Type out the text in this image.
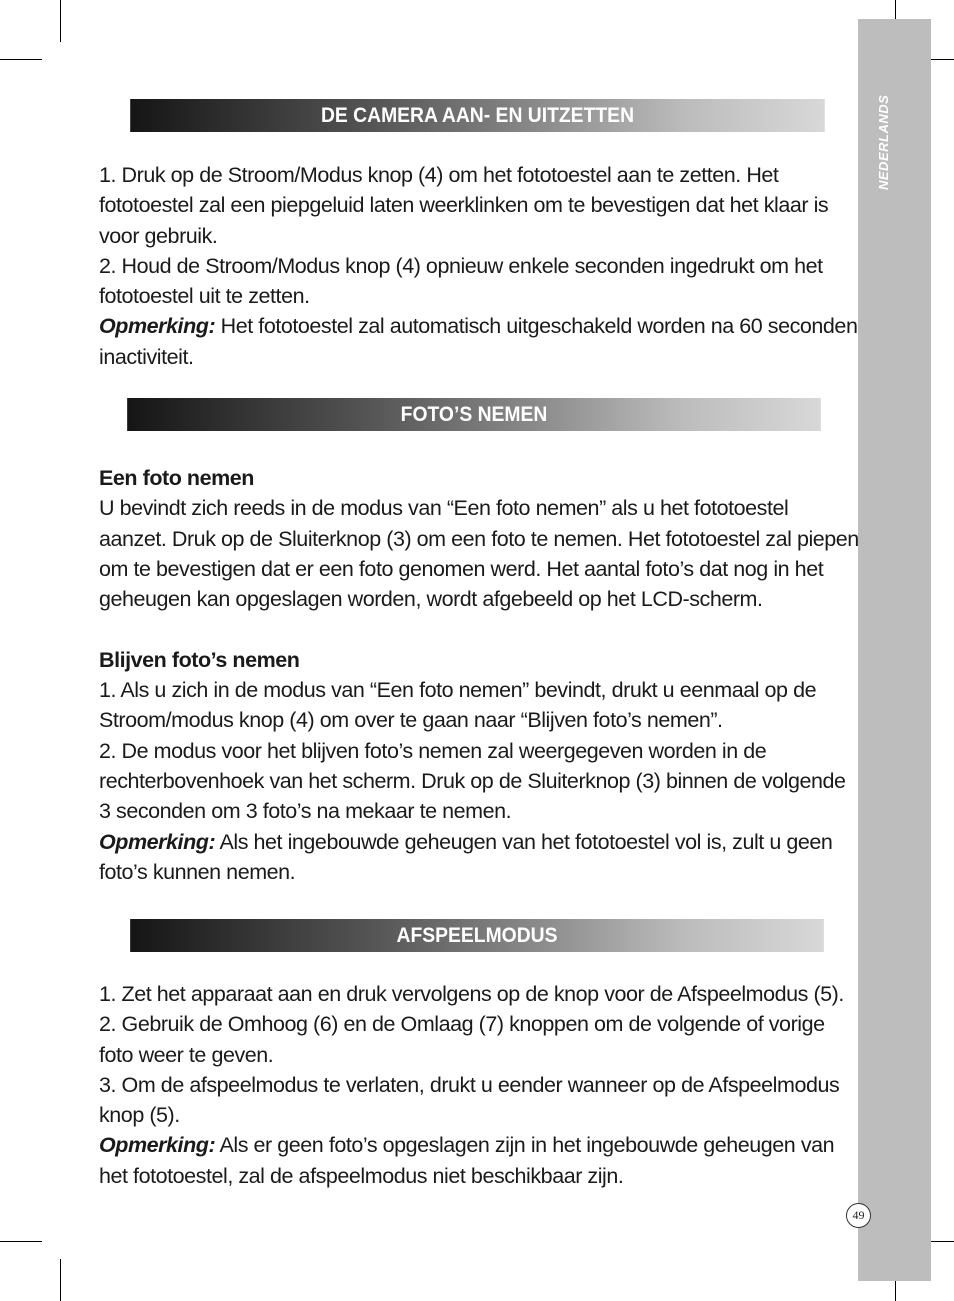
NEDERLANDS
DE CAMERA AAN- EN UITZETTEN

1. Druk op de Stroom/Modus knop (4) om het fototoestel aan te zetten. Het fototoestel zal een piepgeluid laten weerklinken om te bevestigen dat het klaar is voor gebruik.

2. Houd de Stroom/Modus knop (4) opnieuw enkele seconden ingedrukt om het fototoestel uit te zetten.

Opmerking: Het fototoestel zal automatisch uitgeschakeld worden na 60 seconden inactiviteit.

FOTO’S NEMEN

Een foto nemen

U bevindt zich reeds in de modus van “Een foto nemen” als u het fototoestel aanzet. Druk op de Sluiterknop (3) om een foto te nemen. Het fototoestel zal piepen om te bevestigen dat er een foto genomen werd. Het aantal foto’s dat nog in het geheugen kan opgeslagen worden, wordt afgebeeld op het LCD-scherm.

Blijven foto’s nemen

1. Als u zich in de modus van “Een foto nemen” bevindt, drukt u eenmaal op de Stroom/modus knop (4) om over te gaan naar “Blijven foto’s nemen”.

2. De modus voor het blijven foto’s nemen zal weergegeven worden in de rechterbovenhoek van het scherm. Druk op de Sluiterknop (3) binnen de volgende 3 seconden om 3 foto’s na mekaar te nemen.

Opmerking: Als het ingebouwde geheugen van het fototoestel vol is, zult u geen foto’s kunnen nemen.

AFSPEELMODUS

1. Zet het apparaat aan en druk vervolgens op de knop voor de Afspeelmodus (5).

2. Gebruik de Omhoog (6) en de Omlaag (7) knoppen om de volgende of vorige foto weer te geven.

3. Om de afspeelmodus te verlaten, drukt u eender wanneer op de Afspeelmodus knop (5).

Opmerking: Als er geen foto’s opgeslagen zijn in het ingebouwde geheugen van het fototoestel, zal de afspeelmodus niet beschikbaar zijn.

49
